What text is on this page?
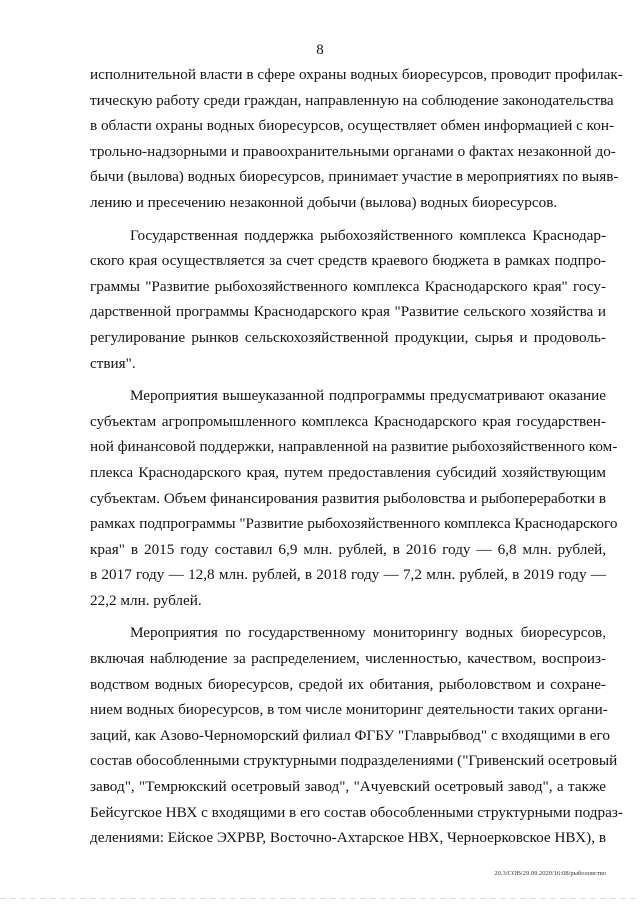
8
исполнительной власти в сфере охраны водных биоресурсов, проводит профилак-
тическую работу среди граждан, направленную на соблюдение законодательства
в области охраны водных биоресурсов, осуществляет обмен информацией с кон-
трольно-надзорными и правоохранительными органами о фактах незаконной до-
бычи (вылова) водных биоресурсов, принимает участие в мероприятиях по выяв-
лению и пресечению незаконной добычи (вылова) водных биоресурсов.
Государственная поддержка рыбохозяйственного комплекса Краснодар-
ского края осуществляется за счет средств краевого бюджета в рамках подпро-
граммы "Развитие рыбохозяйственного комплекса Краснодарского края" госу-
дарственной программы Краснодарского края "Развитие сельского хозяйства и
регулирование рынков сельскохозяйственной продукции, сырья и продоволь-
ствия".
Мероприятия вышеуказанной подпрограммы предусматривают оказание
субъектам агропромышленного комплекса Краснодарского края государствен-
ной финансовой поддержки, направленной на развитие рыбохозяйственного ком-
плекса Краснодарского края, путем предоставления субсидий хозяйствующим
субъектам. Объем финансирования развития рыболовства и рыбопереработки в
рамках подпрограммы "Развитие рыбохозяйственного комплекса Краснодарского
края" в 2015 году составил 6,9 млн. рублей, в 2016 году — 6,8 млн. рублей,
в 2017 году — 12,8 млн. рублей, в 2018 году — 7,2 млн. рублей, в 2019 году —
22,2 млн. рублей.
Мероприятия по государственному мониторингу водных биоресурсов,
включая наблюдение за распределением, численностью, качеством, воспроиз-
водством водных биоресурсов, средой их обитания, рыболовством и сохране-
нием водных биоресурсов, в том числе мониторинг деятельности таких органи-
заций, как Азово-Черноморский филиал ФГБУ "Главрыбвод" с входящими в его
состав обособленными структурными подразделениями ("Гривенский осетровый
завод", "Темрюкский осетровый завод", "Ачуевский осетровый завод", а также
Бейсугское НВХ с входящими в его состав обособленными структурными подраз-
делениями: Ейское ЭХРВР, Восточно-Ахтарское НВХ, Черноерковское НВХ), в
20.3/СОВ/29.09.2020/16:08/рыболовство
